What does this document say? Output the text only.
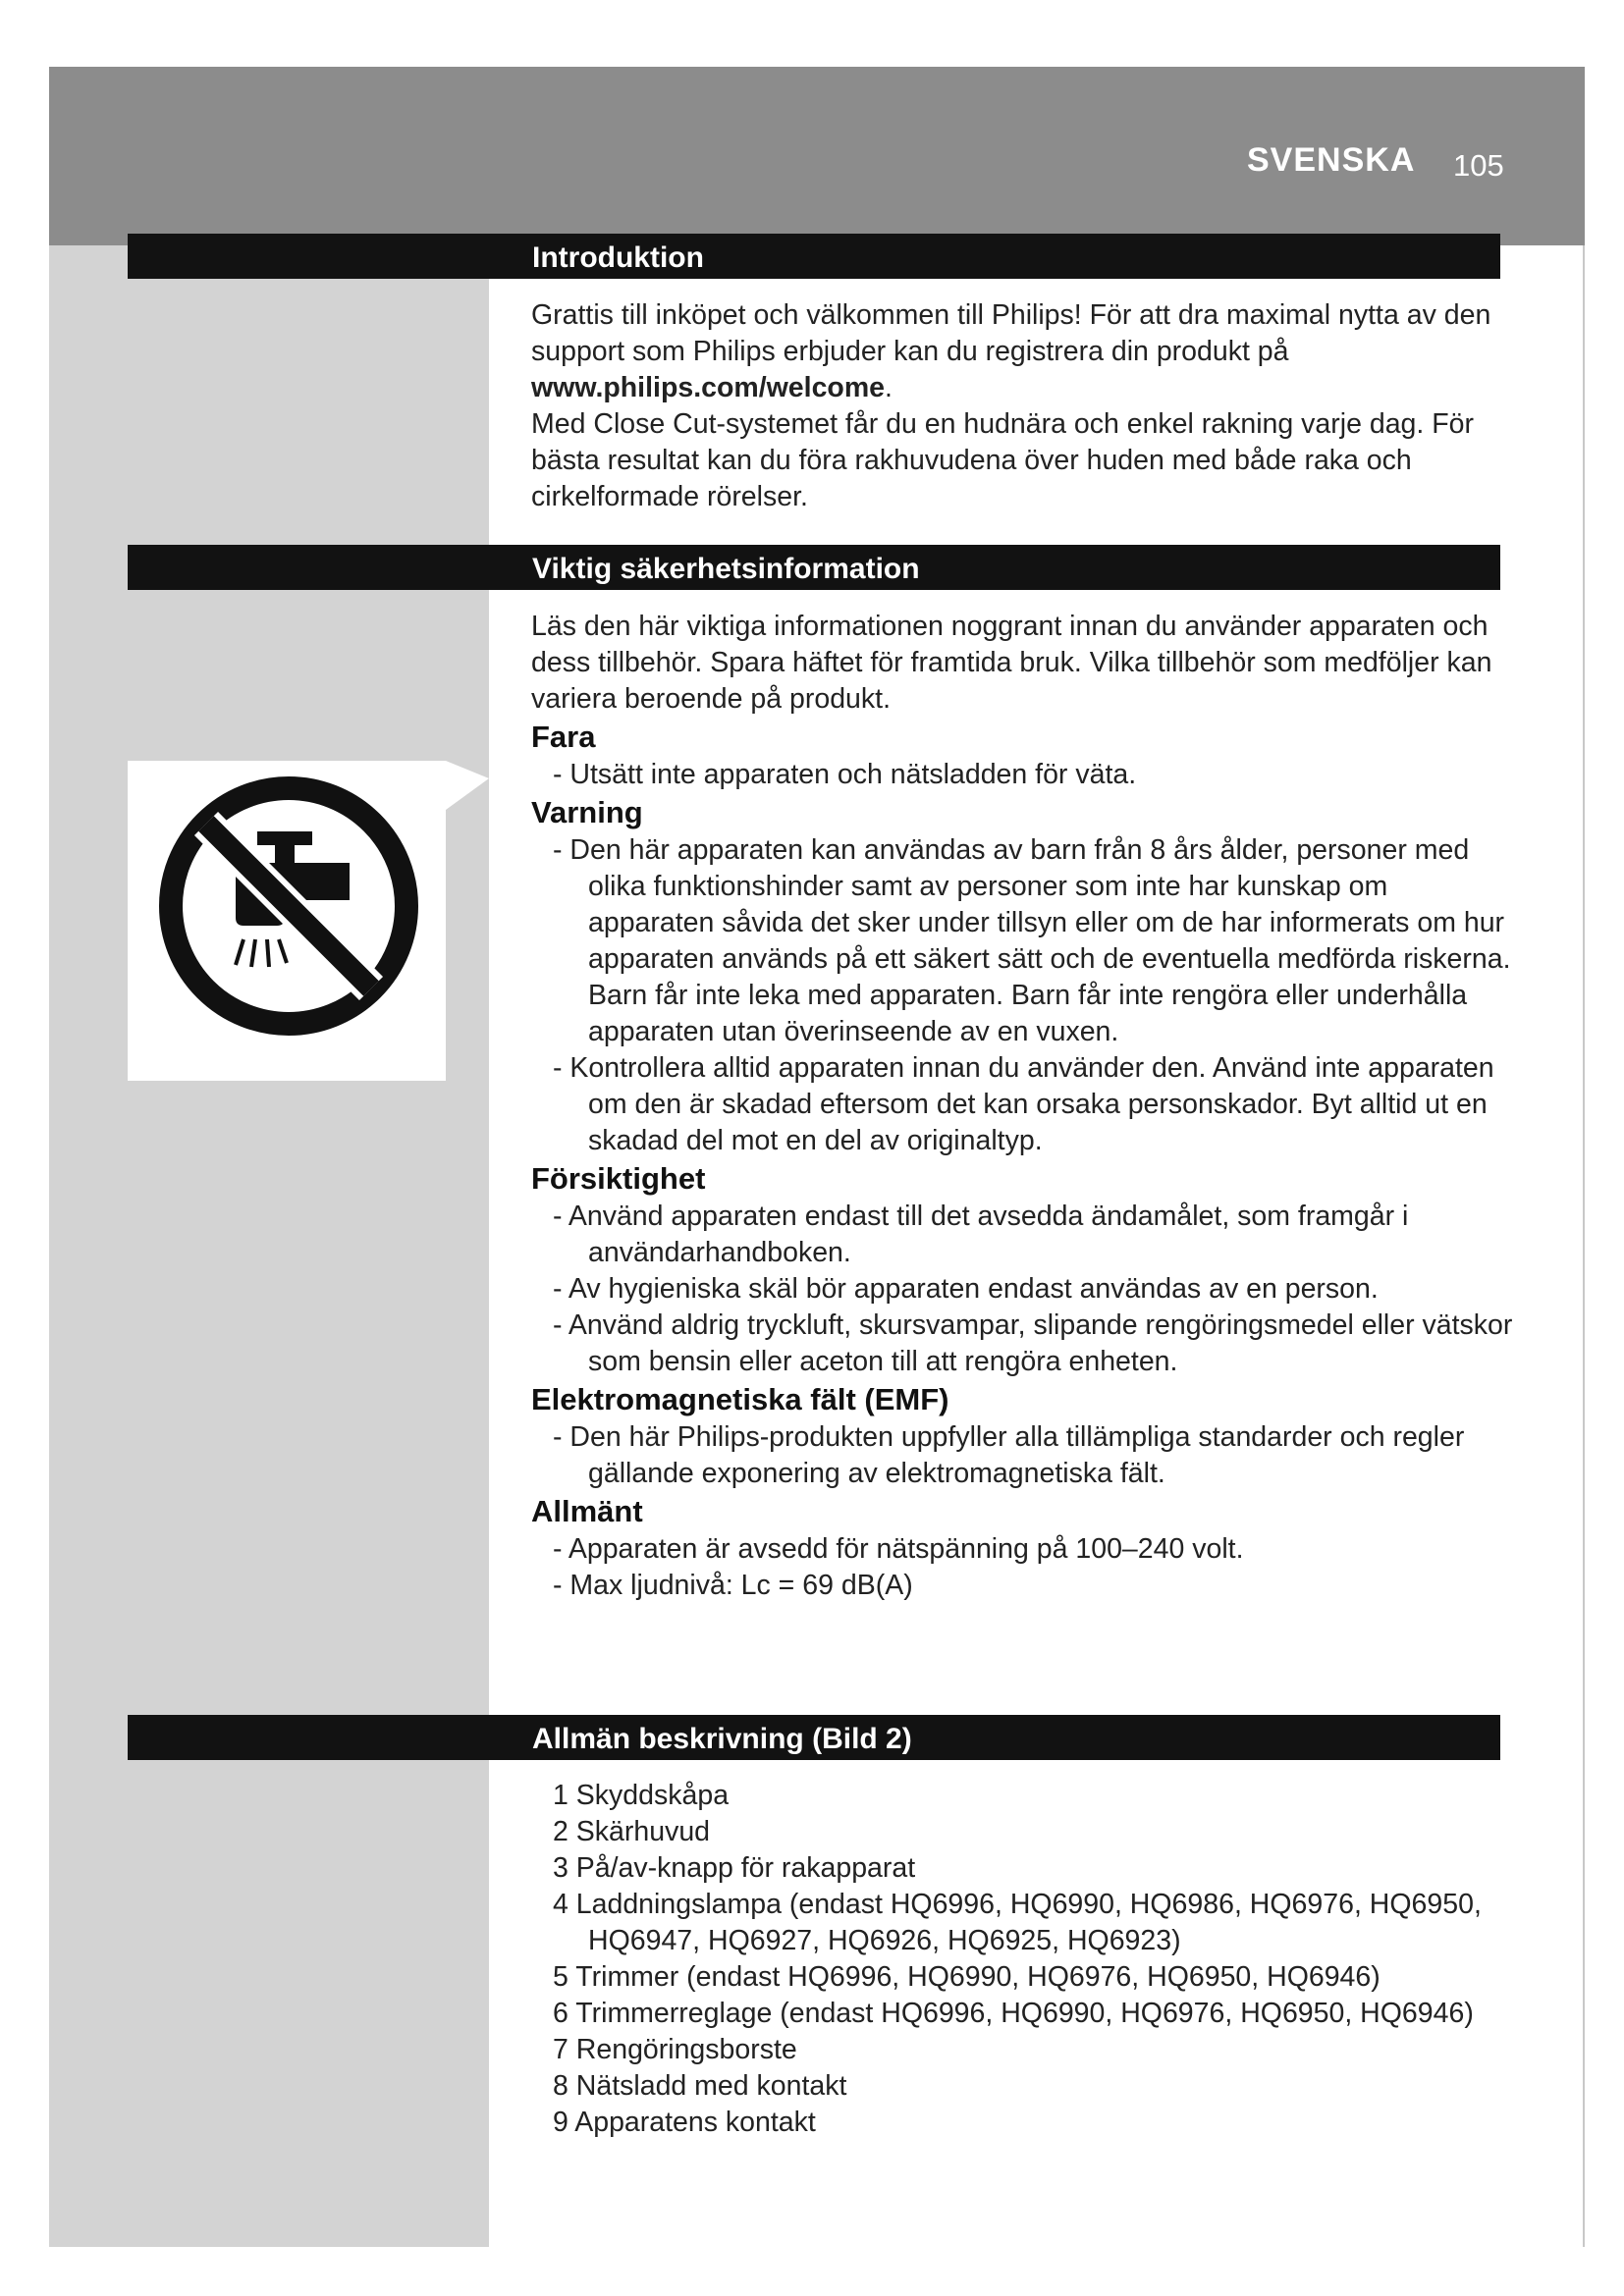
SVENSKA 105
Introduktion

Grattis till inköpet och välkommen till Philips! För att dra maximal nytta av den support som Philips erbjuder kan du registrera din produkt på www.philips.com/welcome.

Med Close Cut-systemet får du en hudnära och enkel rakning varje dag. För bästa resultat kan du föra rakhuvudena över huden med både raka och cirkelformade rörelser.

Viktig säkerhetsinformation

Läs den här viktiga informationen noggrant innan du använder apparaten och dess tillbehör. Spara häftet för framtida bruk. Vilka tillbehör som medföljer kan variera beroende på produkt.

Fara

- Utsätt inte apparaten och nätsladden för väta.

Varning

- Den här apparaten kan användas av barn från 8 års ålder, personer med olika funktionshinder samt av personer som inte har kunskap om apparaten såvida det sker under tillsyn eller om de har informerats om hur apparaten används på ett säkert sätt och de eventuella medförda riskerna. Barn får inte leka med apparaten. Barn får inte rengöra eller underhålla apparaten utan överinseende av en vuxen.

- Kontrollera alltid apparaten innan du använder den. Använd inte apparaten om den är skadad eftersom det kan orsaka personskador. Byt alltid ut en skadad del mot en del av originaltyp.

Försiktighet

- Använd apparaten endast till det avsedda ändamålet, som framgår i användarhandboken.

- Av hygieniska skäl bör apparaten endast användas av en person.

- Använd aldrig tryckluft, skursvampar, slipande rengöringsmedel eller vätskor som bensin eller aceton till att rengöra enheten.

Elektromagnetiska fält (EMF)

- Den här Philips-produkten uppfyller alla tillämpliga standarder och regler gällande exponering av elektromagnetiska fält.

Allmänt

- Apparaten är avsedd för nätspänning på 100–240 volt.

- Max ljudnivå: Lc = 69 dB(A)

Allmän beskrivning (Bild 2)

1 Skyddskåpa

2 Skärhuvud

3 På/av-knapp för rakapparat

4 Laddningslampa (endast HQ6996, HQ6990, HQ6986, HQ6976, HQ6950, HQ6947, HQ6927, HQ6926, HQ6925, HQ6923)

5 Trimmer (endast HQ6996, HQ6990, HQ6976, HQ6950, HQ6946)

6 Trimmerreglage (endast HQ6996, HQ6990, HQ6976, HQ6950, HQ6946)

7 Rengöringsborste

8 Nätsladd med kontakt

9 Apparatens kontakt
